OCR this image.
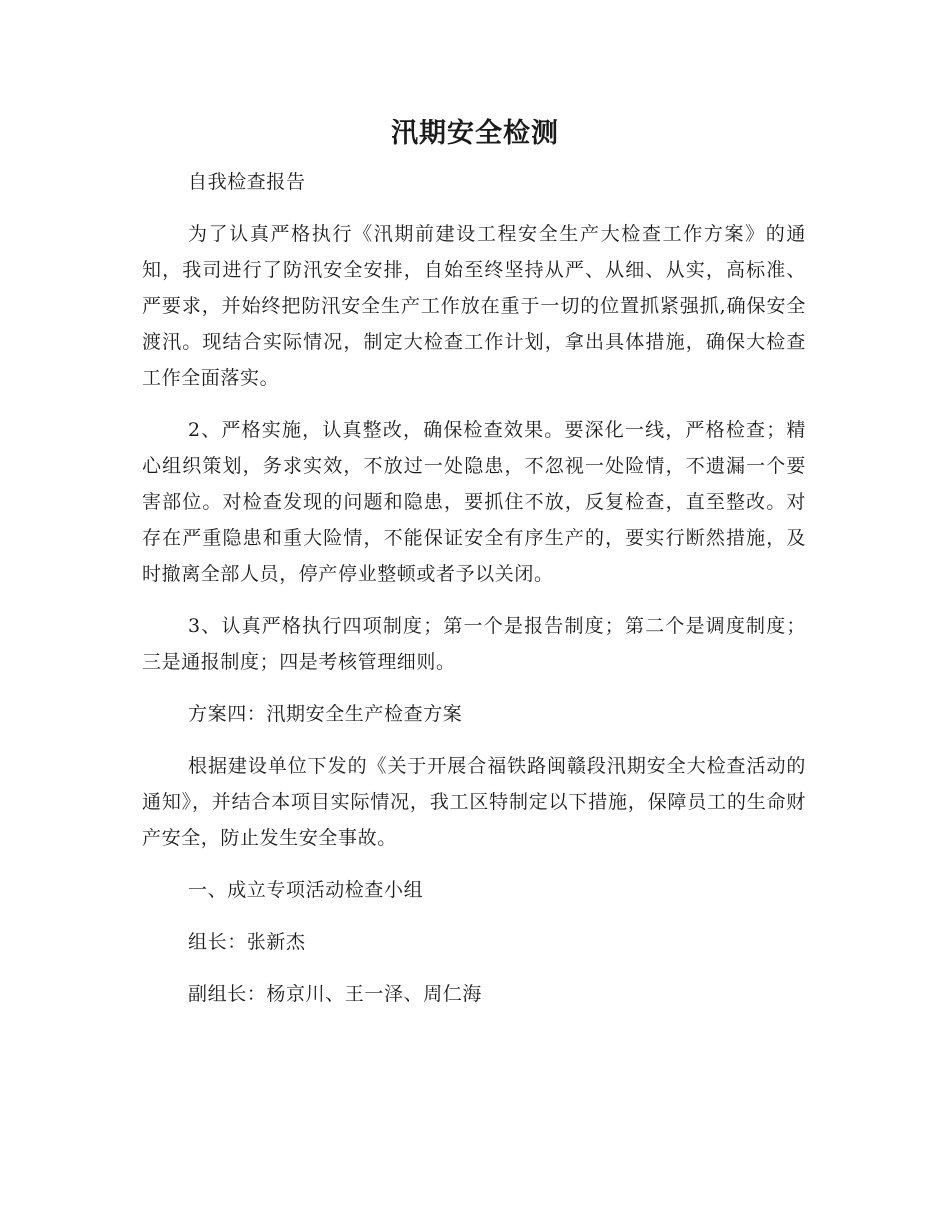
汛期安全检测

自我检查报告

为了认真严格执行《汛期前建设工程安全生产大检查工作方案》的通知，我司进行了防汛安全安排，自始至终坚持从严、从细、从实，高标准、严要求，并始终把防汛安全生产工作放在重于一切的位置抓紧强抓,确保安全渡汛。现结合实际情况，制定大检查工作计划，拿出具体措施，确保大检查工作全面落实。

2、严格实施，认真整改，确保检查效果。要深化一线，严格检查；精心组织策划，务求实效，不放过一处隐患，不忽视一处险情，不遗漏一个要害部位。对检查发现的问题和隐患，要抓住不放，反复检查，直至整改。对存在严重隐患和重大险情，不能保证安全有序生产的，要实行断然措施，及时撤离全部人员，停产停业整顿或者予以关闭。

3、认真严格执行四项制度；第一个是报告制度；第二个是调度制度；三是通报制度；四是考核管理细则。

方案四：汛期安全生产检查方案

根据建设单位下发的《关于开展合福铁路闽赣段汛期安全大检查活动的通知》，并结合本项目实际情况，我工区特制定以下措施，保障员工的生命财产安全，防止发生安全事故。

一、成立专项活动检查小组

组长：张新杰

副组长：杨京川、王一泽、周仁海
